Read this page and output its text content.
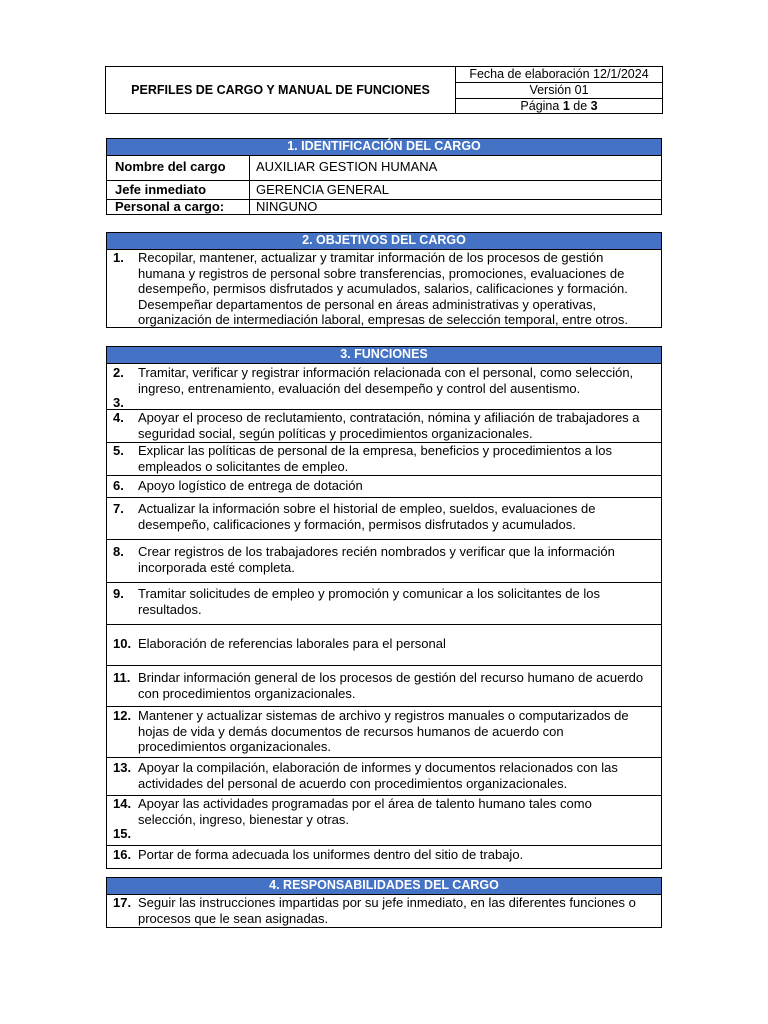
PERFILES DE CARGO Y MANUAL DE FUNCIONES
Fecha de elaboración 12/1/2024
Versión 01
Página 1 de 3
1. IDENTIFICACIÓN DEL CARGO
Nombre del cargo AUXILIAR GESTION HUMANA
Jefe inmediato	GERENCIA GENERAL
Personal a cargo: NINGUNO
2. OBJETIVOS DEL CARGO
1. Recopilar, mantener, actualizar y tramitar información de los procesos de gestión
humana y registros de personal sobre transferencias, promociones, evaluaciones de
desempeño, permisos disfrutados y acumulados, salarios, calificaciones y formación.
Desempeñar departamentos de personal en áreas administrativas y operativas,
organización de intermediación laboral, empresas de selección temporal, entre otros.
3. FUNCIONES
2. Tramitar, verificar y registrar información relacionada con el personal, como selección,
ingreso, entrenamiento, evaluación del desempeño y control del ausentismo.
3.
4. Apoyar el proceso de reclutamiento, contratación, nómina y afiliación de trabajadores a
seguridad social, según políticas y procedimientos organizacionales.
5. Explicar las políticas de personal de la empresa, beneficios y procedimientos a los
empleados o solicitantes de empleo.
6. Apoyo logístico de entrega de dotación
7. Actualizar la información sobre el historial de empleo, sueldos, evaluaciones de
desempeño, calificaciones y formación, permisos disfrutados y acumulados.
8. Crear registros de los trabajadores recién nombrados y verificar que la información
incorporada esté completa.
9. Tramitar solicitudes de empleo y promoción y comunicar a los solicitantes de los
resultados.
10. Elaboración de referencias laborales para el personal
11. Brindar información general de los procesos de gestión del recurso humano de acuerdo
con procedimientos organizacionales.
12. Mantener y actualizar sistemas de archivo y registros manuales o computarizados de
hojas de vida y demás documentos de recursos humanos de acuerdo con
procedimientos organizacionales.
13. Apoyar la compilación, elaboración de informes y documentos relacionados con las
actividades del personal de acuerdo con procedimientos organizacionales.
14. Apoyar las actividades programadas por el área de talento humano tales como
selección, ingreso, bienestar y otras.
15.
16. Portar de forma adecuada los uniformes dentro del sitio de trabajo.
4. RESPONSABILIDADES DEL CARGO
17. Seguir las instrucciones impartidas por su jefe inmediato, en las diferentes funciones o
procesos que le sean asignadas.
